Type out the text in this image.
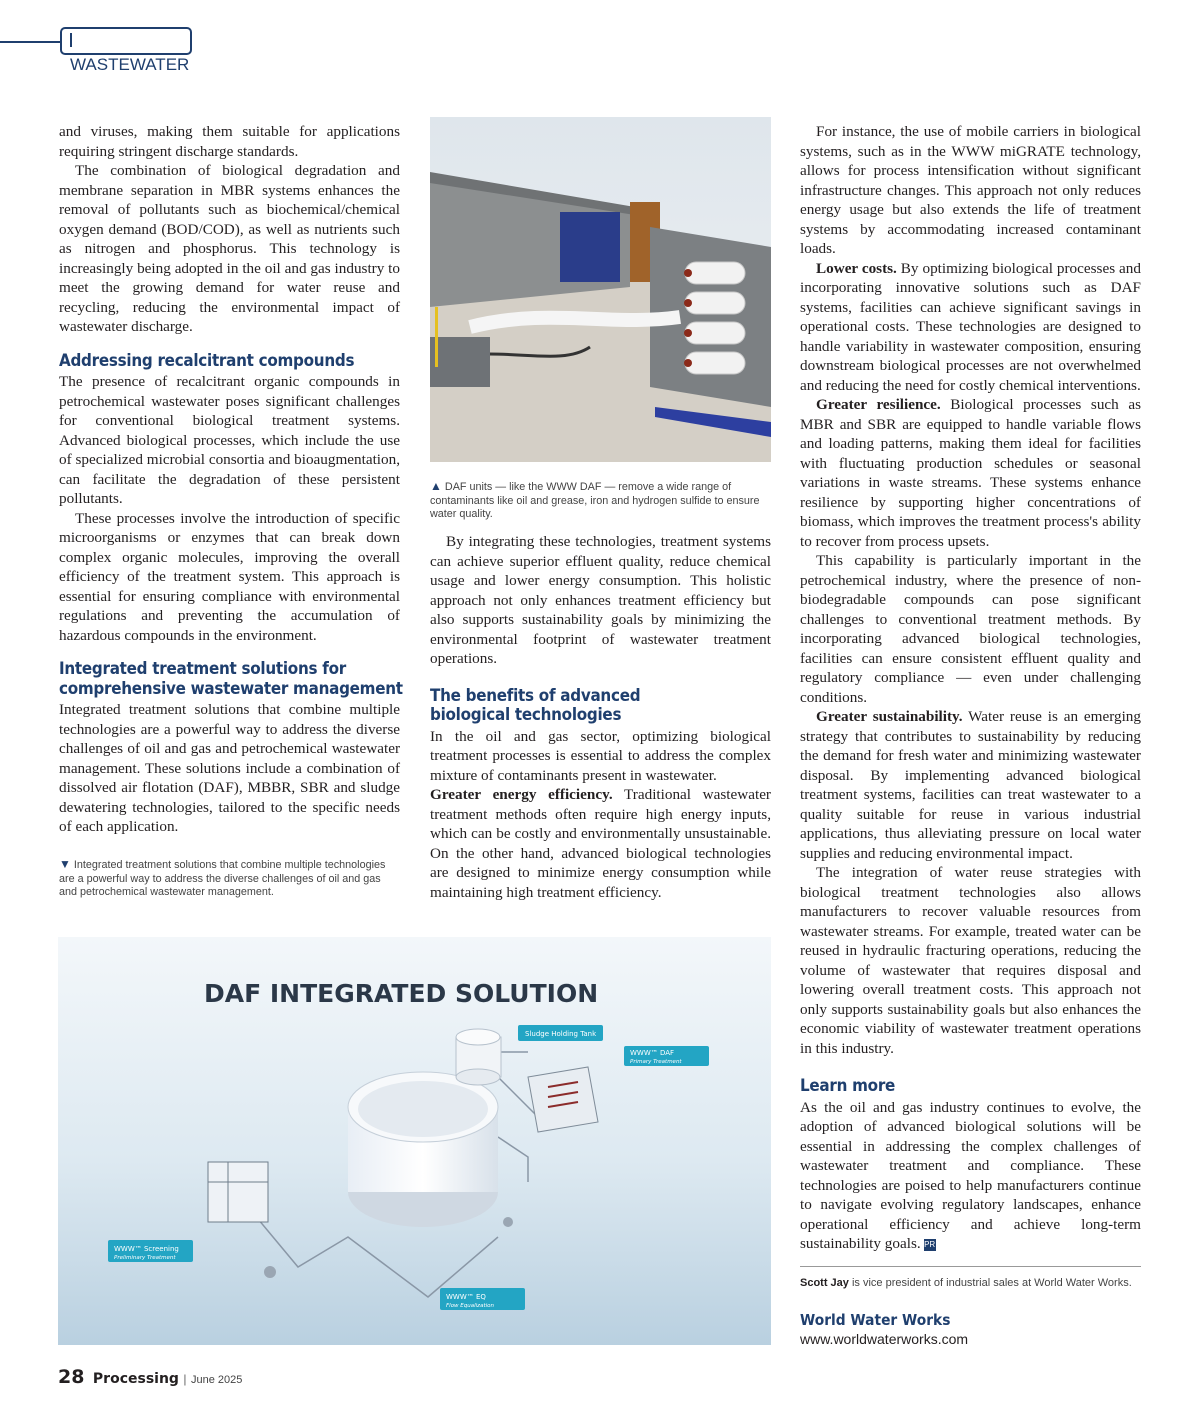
WASTEWATER

and viruses, making them suitable for applications requiring stringent discharge standards.

The combination of biological degradation and membrane separation in MBR systems enhances the removal of pollutants such as biochemical/chemical oxygen demand (BOD/COD), as well as nutrients such as nitrogen and phosphorus. This technology is increasingly being adopted in the oil and gas industry to meet the growing demand for water reuse and recycling, reducing the environmental impact of wastewater discharge.

Addressing recalcitrant compounds

The presence of recalcitrant organic compounds in petrochemical wastewater poses significant challenges for conventional biological treatment systems. Advanced biological processes, which include the use of specialized microbial consortia and bioaugmentation, can facilitate the degradation of these persistent pollutants.

These processes involve the introduction of specific microorganisms or enzymes that can break down complex organic molecules, improving the overall efficiency of the treatment system. This approach is essential for ensuring compliance with environmental regulations and preventing the accumulation of hazardous compounds in the environment.

Integrated treatment solutions for
comprehensive wastewater management

Integrated treatment solutions that combine multiple technologies are a powerful way to address the diverse challenges of oil and gas and petrochemical wastewater management. These solutions include a combination of dissolved air flotation (DAF), MBBR, SBR and sludge dewatering technologies, tailored to the specific needs of each application.

▼ Integrated treatment solutions that combine multiple technologies are a powerful way to address the diverse challenges of oil and gas and petrochemical wastewater management.
▲ DAF units — like the WWW DAF — remove a wide range of contaminants like oil and grease, iron and hydrogen sulfide to ensure water quality.

By integrating these technologies, treatment systems can achieve superior effluent quality, reduce chemical usage and lower energy consumption. This holistic approach not only enhances treatment efficiency but also supports sustainability goals by minimizing the environmental footprint of wastewater treatment operations.

The benefits of advanced
biological technologies

In the oil and gas sector, optimizing biological treatment processes is essential to address the complex mixture of contaminants present in wastewater.

Greater energy efficiency. Traditional wastewater treatment methods often require high energy inputs, which can be costly and environmentally unsustainable. On the other hand, advanced biological technologies are designed to minimize energy consumption while maintaining high treatment efficiency.

For instance, the use of mobile carriers in biological systems, such as in the WWW miGRATE technology, allows for process intensification without significant infrastructure changes. This approach not only reduces energy usage but also extends the life of treatment systems by accommodating increased contaminant loads.

Lower costs. By optimizing biological processes and incorporating innovative solutions such as DAF systems, facilities can achieve significant savings in operational costs. These technologies are designed to handle variability in wastewater composition, ensuring downstream biological processes are not overwhelmed and reducing the need for costly chemical interventions.

Greater resilience. Biological processes such as MBR and SBR are equipped to handle variable flows and loading patterns, making them ideal for facilities with fluctuating production schedules or seasonal variations in waste streams. These systems enhance resilience by supporting higher concentrations of biomass, which improves the treatment process's ability to recover from process upsets.

This capability is particularly important in the petrochemical industry, where the presence of non-biodegradable compounds can pose significant challenges to conventional treatment methods. By incorporating advanced biological technologies, facilities can ensure consistent effluent quality and regulatory compliance — even under challenging conditions.

Greater sustainability. Water reuse is an emerging strategy that contributes to sustainability by reducing the demand for fresh water and minimizing wastewater disposal. By implementing advanced biological treatment systems, facilities can treat wastewater to a quality suitable for reuse in various industrial applications, thus alleviating pressure on local water supplies and reducing environmental impact.

The integration of water reuse strategies with biological treatment technologies also allows manufacturers to recover valuable resources from wastewater streams. For example, treated water can be reused in hydraulic fracturing operations, reducing the volume of wastewater that requires disposal and lowering overall treatment costs. This approach not only supports sustainability goals but also enhances the economic viability of wastewater treatment operations in this industry.

Learn more

As the oil and gas industry continues to evolve, the adoption of advanced biological solutions will be essential in addressing the complex challenges of wastewater treatment and compliance. These technologies are poised to help manufacturers continue to navigate evolving regulatory landscapes, enhance operational efficiency and achieve long-term sustainability goals. PR

Scott Jay is vice president of industrial sales at World Water Works.
World Water Works
www.worldwaterworks.com
DAF INTEGRATED SOLUTION
Sludge Holding Tank
WWW™ DAF
Primary Treatment
WWW™ Screening
Preliminary Treatment
WWW™ EQ
Flow Equalization
28 Processing | June 2025
